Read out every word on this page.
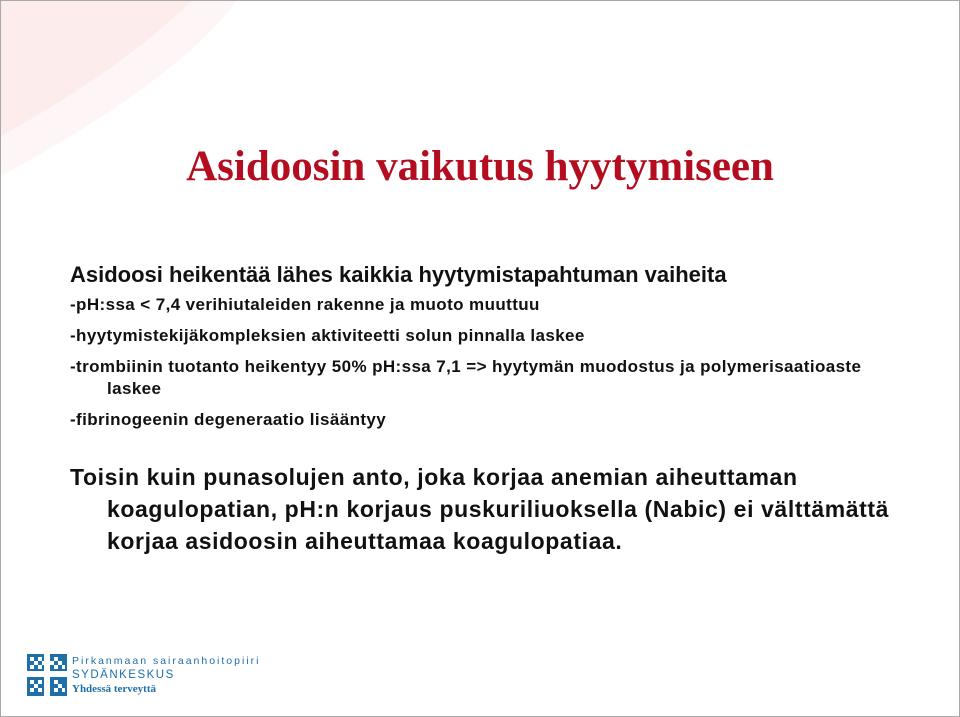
Asidoosin vaikutus hyytymiseen

Asidoosi heikentää lähes kaikkia hyytymistapahtuman vaiheita

-pH:ssa < 7,4 verihiutaleiden rakenne ja muoto muuttuu
-hyytymistekijäkompleksien aktiviteetti solun pinnalla laskee
-trombiinin tuotanto heikentyy 50% pH:ssa 7,1 => hyytymän muodostus ja polymerisaatioaste laskee
-fibrinogeenin degeneraatio lisääntyy

Toisin kuin punasolujen anto, joka korjaa anemian aiheuttaman koagulopatian, pH:n korjaus puskuriliuoksella (Nabic) ei välttämättä korjaa asidoosin aiheuttamaa koagulopatiaa.

Pirkanmaan sairaanhoitopiiri
SYDÄNKESKUS
Yhdessä terveyttä
